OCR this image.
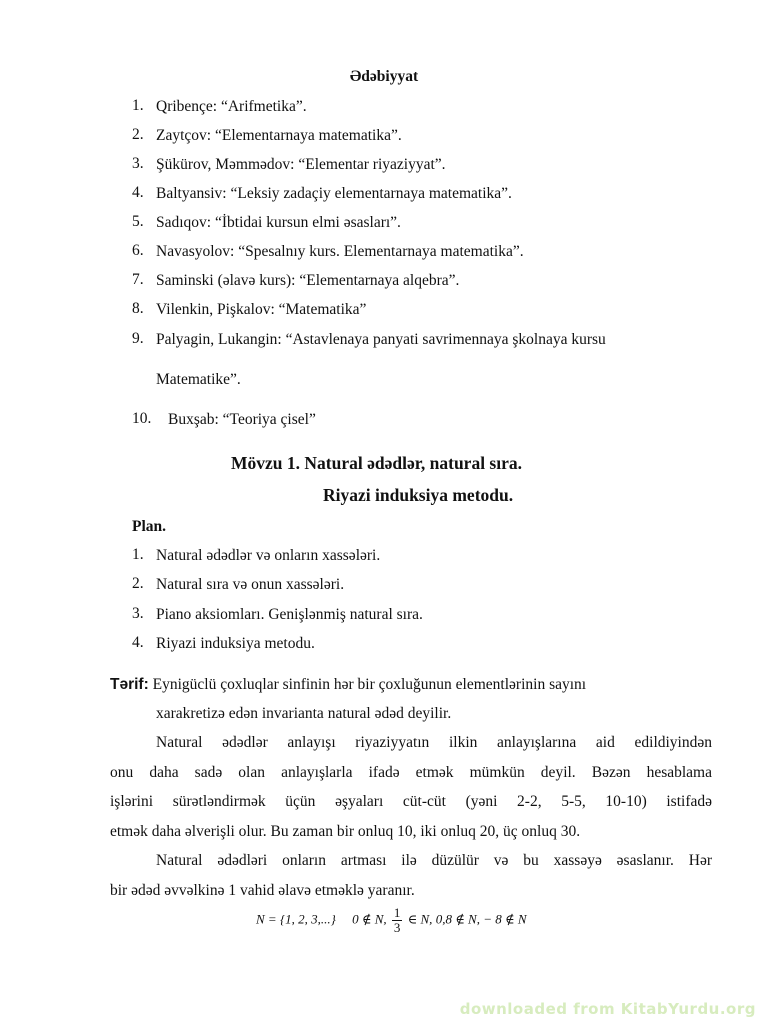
Ədəbiyyat
1. Qribençe: “Arifmetika”.
2. Zaytçov: “Elementarnaya matematika”.
3. Şükürov, Məmmədov: “Elementar riyaziyyat”.
4. Baltyansiv: “Leksiy zadaçiy elementarnaya matematika”.
5. Sadıqov: “İbtidai kursun elmi əsasları”.
6. Navasyolov: “Spesalnıy kurs. Elementarnaya matematika”.
7. Saminski (əlavə kurs): “Elementarnaya alqebra”.
8. Vilenkin, Pişkalov: “Matematika”
9. Palyagin, Lukangin: “Astavlenaya panyati savrimennaya şkolnaya kursu
Matematike”.
10. Buxşab: “Teoriya çisel”
Mövzu 1. Natural ədədlər, natural sıra.
Riyazi induksiya metodu.
Plan.
1. Natural ədədlər və onların xassələri.
2. Natural sıra və onun xassələri.
3. Piano aksiomları. Genişlənmiş natural sıra.
4. Riyazi induksiya metodu.
Tərif: Eynigüclü çoxluqlar sinfinin hər bir çoxluğunun elementlərinin sayını
xarakretizə edən invarianta natural ədəd deyilir.
Natural ədədlər anlayışı riyaziyyatın ilkin anlayışlarına aid edildiyindən
onu daha sadə olan anlayışlarla ifadə etmək mümkün deyil. Bəzən hesablama
işlərini sürətləndirmək üçün əşyaları cüt-cüt (yəni 2-2, 5-5, 10-10) istifadə
etmək daha əlverişli olur. Bu zaman bir onluq 10, iki onluq 20, üç onluq 30.
Natural ədədləri onların artması ilə düzülür və bu xassəyə əsaslanır. Hər
bir ədəd əvvəlkinə 1 vahid əlavə etməklə yaranır.
N = {1, 2, 3,...} 0 ∉ N, $\frac{1}{3}$ ∈ N, 0,8 ∉ N, − 8 ∉ N
downloaded from KitabYurdu.org
